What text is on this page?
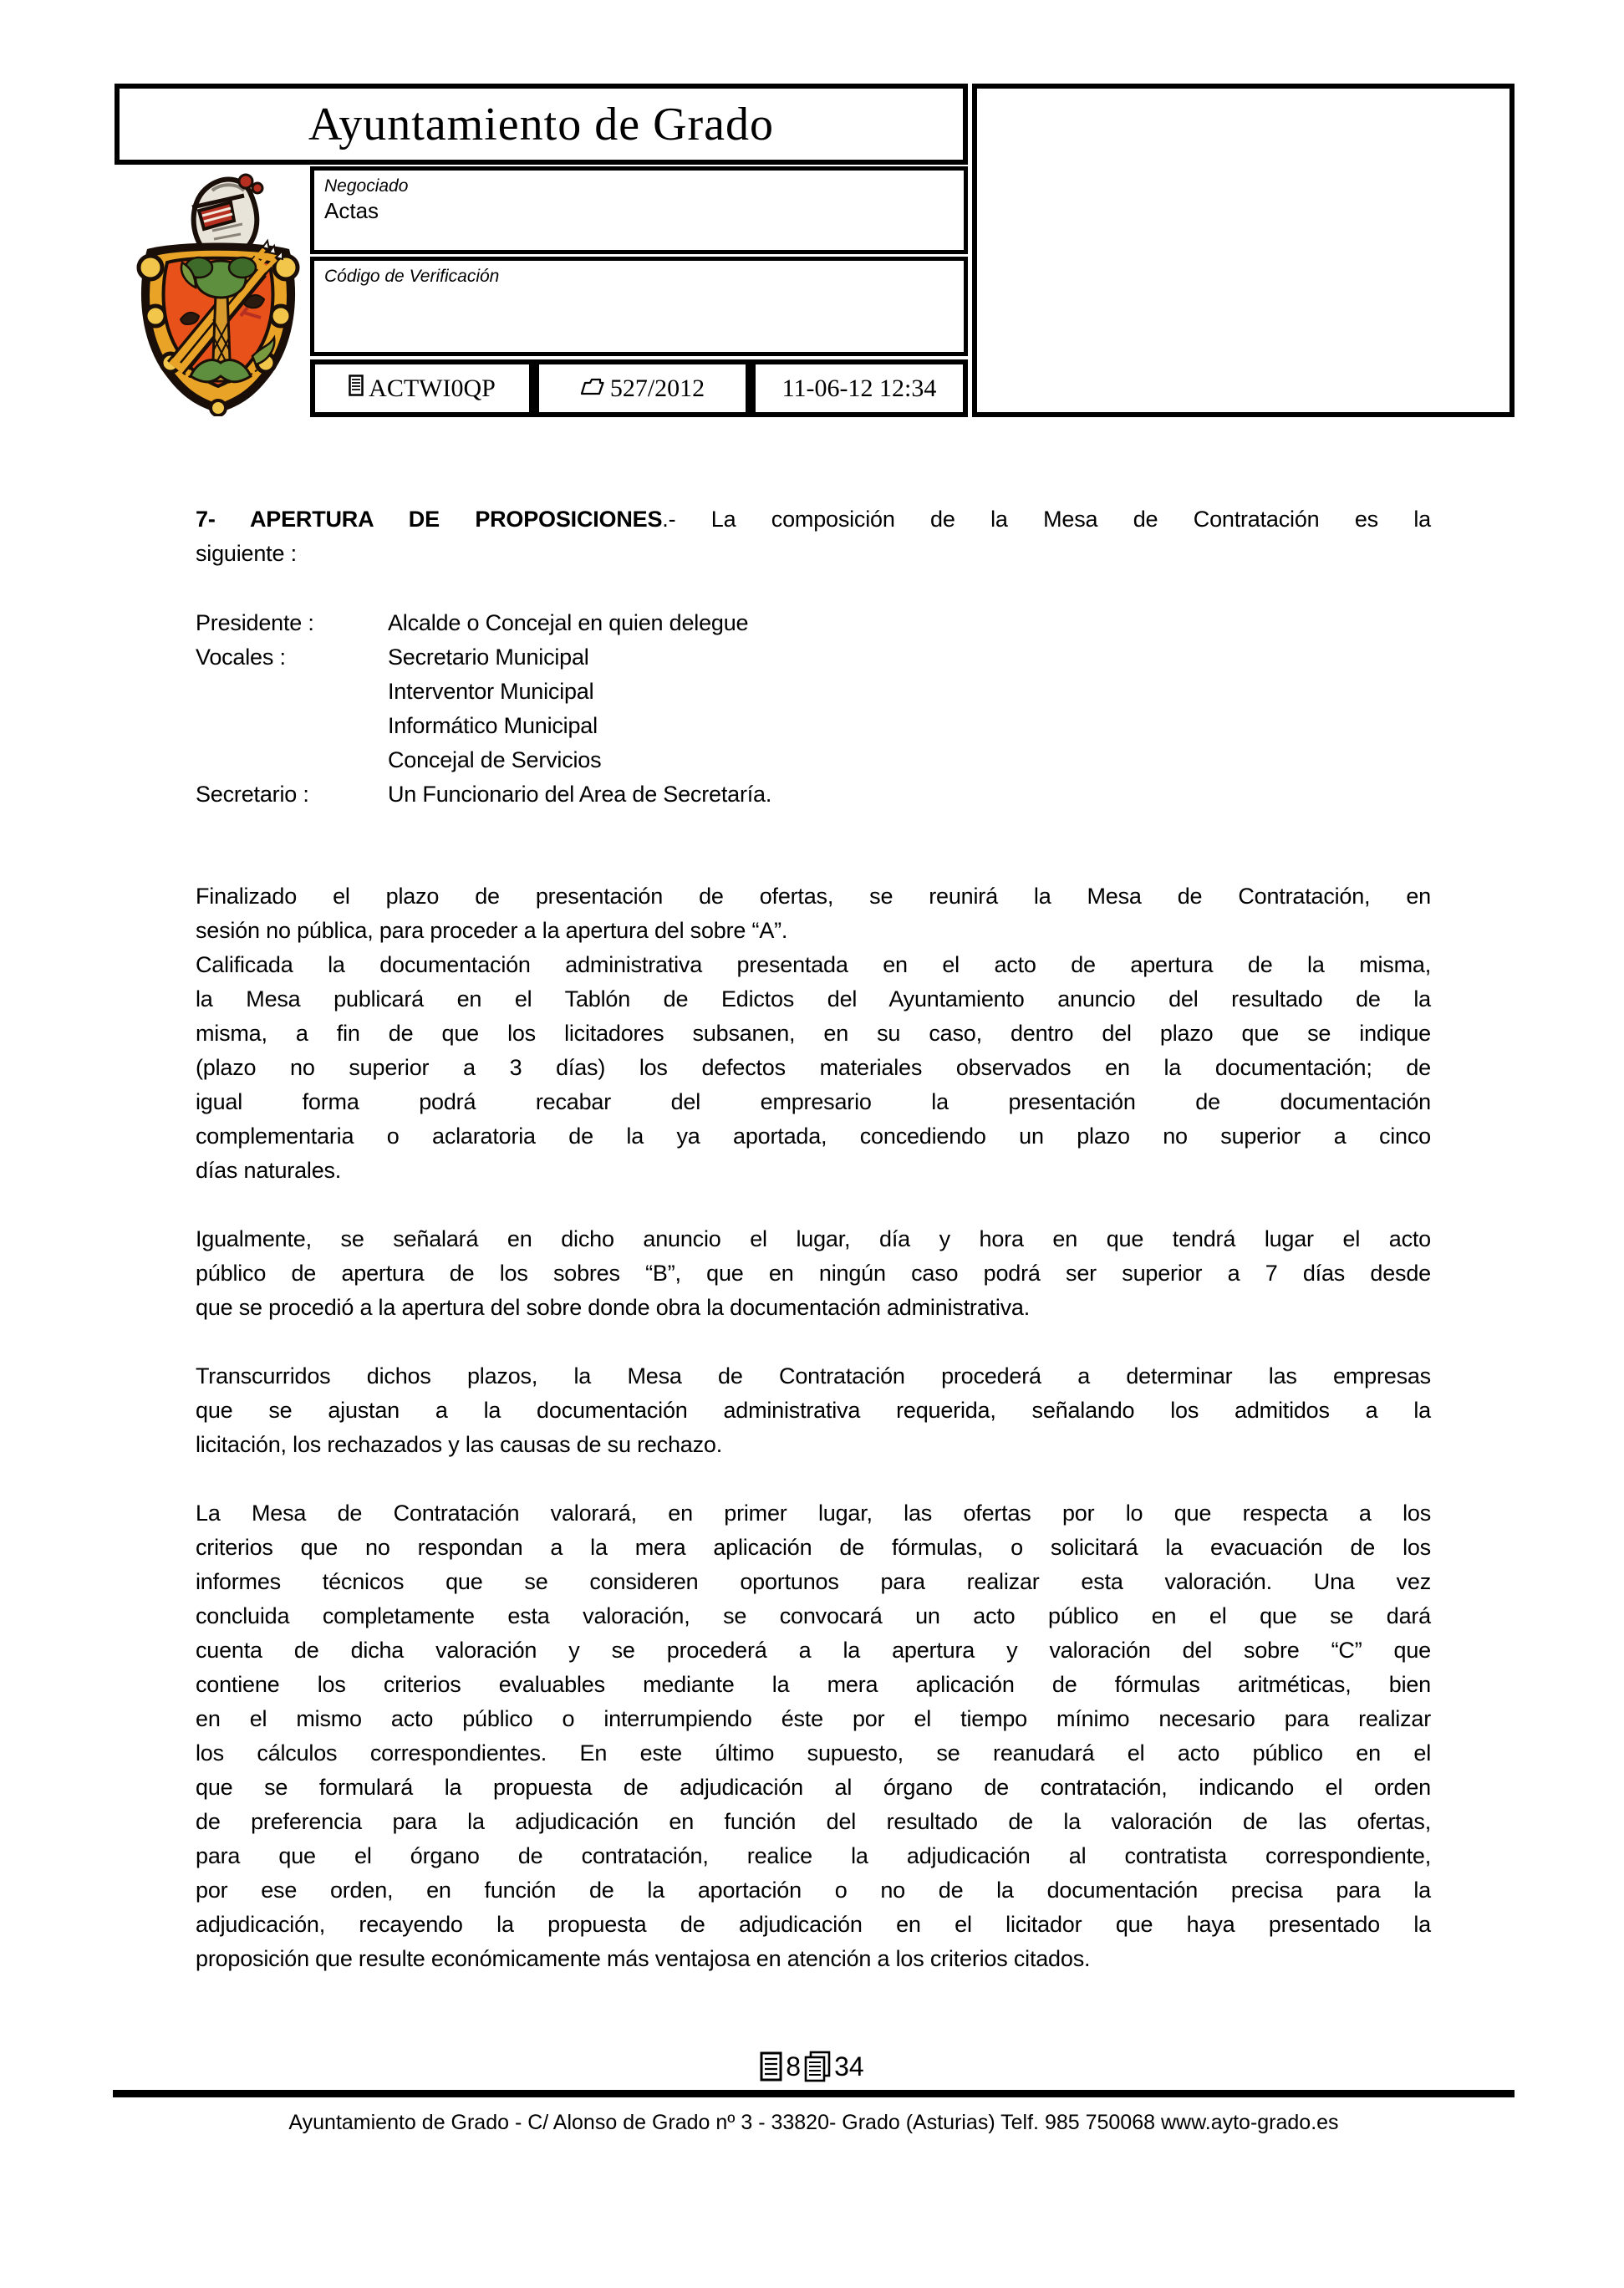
Ayuntamiento de Grado
Negociado
Actas
Código de Verificación
ACTWI0QP	527/2012	11-06-12 12:34
7- APERTURA DE PROPOSICIONES.- La composición de la Mesa de Contratación es la
siguiente :
Presidente :	Alcalde o Concejal en quien delegue
Vocales :	Secretario Municipal
Interventor Municipal
Informático Municipal
Concejal de Servicios
Secretario :	Un Funcionario del Area de Secretaría.
Finalizado el plazo de presentación de ofertas, se reunirá la Mesa de Contratación, en
sesión no pública, para proceder a la apertura del sobre “A”.
Calificada la documentación administrativa presentada en el acto de apertura de la misma,
la Mesa publicará en el Tablón de Edictos del Ayuntamiento anuncio del resultado de la
misma, a fin de que los licitadores subsanen, en su caso, dentro del plazo que se indique
(plazo no superior a 3 días) los defectos materiales observados en la documentación; de
igual forma podrá recabar del empresario la presentación de documentación
complementaria o aclaratoria de la ya aportada, concediendo un plazo no superior a cinco
días naturales.
Igualmente, se señalará en dicho anuncio el lugar, día y hora en que tendrá lugar el acto
público de apertura de los sobres “B”, que en ningún caso podrá ser superior a 7 días desde
que se procedió a la apertura del sobre donde obra la documentación administrativa.
Transcurridos dichos plazos, la Mesa de Contratación procederá a determinar las empresas
que se ajustan a la documentación administrativa requerida, señalando los admitidos a la
licitación, los rechazados y las causas de su rechazo.
La Mesa de Contratación valorará, en primer lugar, las ofertas por lo que respecta a los
criterios que no respondan a la mera aplicación de fórmulas, o solicitará la evacuación de los
informes técnicos que se consideren oportunos para realizar esta valoración. Una vez
concluida completamente esta valoración, se convocará un acto público en el que se dará
cuenta de dicha valoración y se procederá a la apertura y valoración del sobre “C” que
contiene los criterios evaluables mediante la mera aplicación de fórmulas aritméticas, bien
en el mismo acto público o interrumpiendo éste por el tiempo mínimo necesario para realizar
los cálculos correspondientes. En este último supuesto, se reanudará el acto público en el
que se formulará la propuesta de adjudicación al órgano de contratación, indicando el orden
de preferencia para la adjudicación en función del resultado de la valoración de las ofertas,
para que el órgano de contratación, realice la adjudicación al contratista correspondiente,
por ese orden, en función de la aportación o no de la documentación precisa para la
adjudicación, recayendo la propuesta de adjudicación en el licitador que haya presentado la
proposición que resulte económicamente más ventajosa en atención a los criterios citados.
8 34
Ayuntamiento de Grado - C/ Alonso de Grado nº 3 - 33820- Grado (Asturias) Telf. 985 750068 www.ayto-grado.es
